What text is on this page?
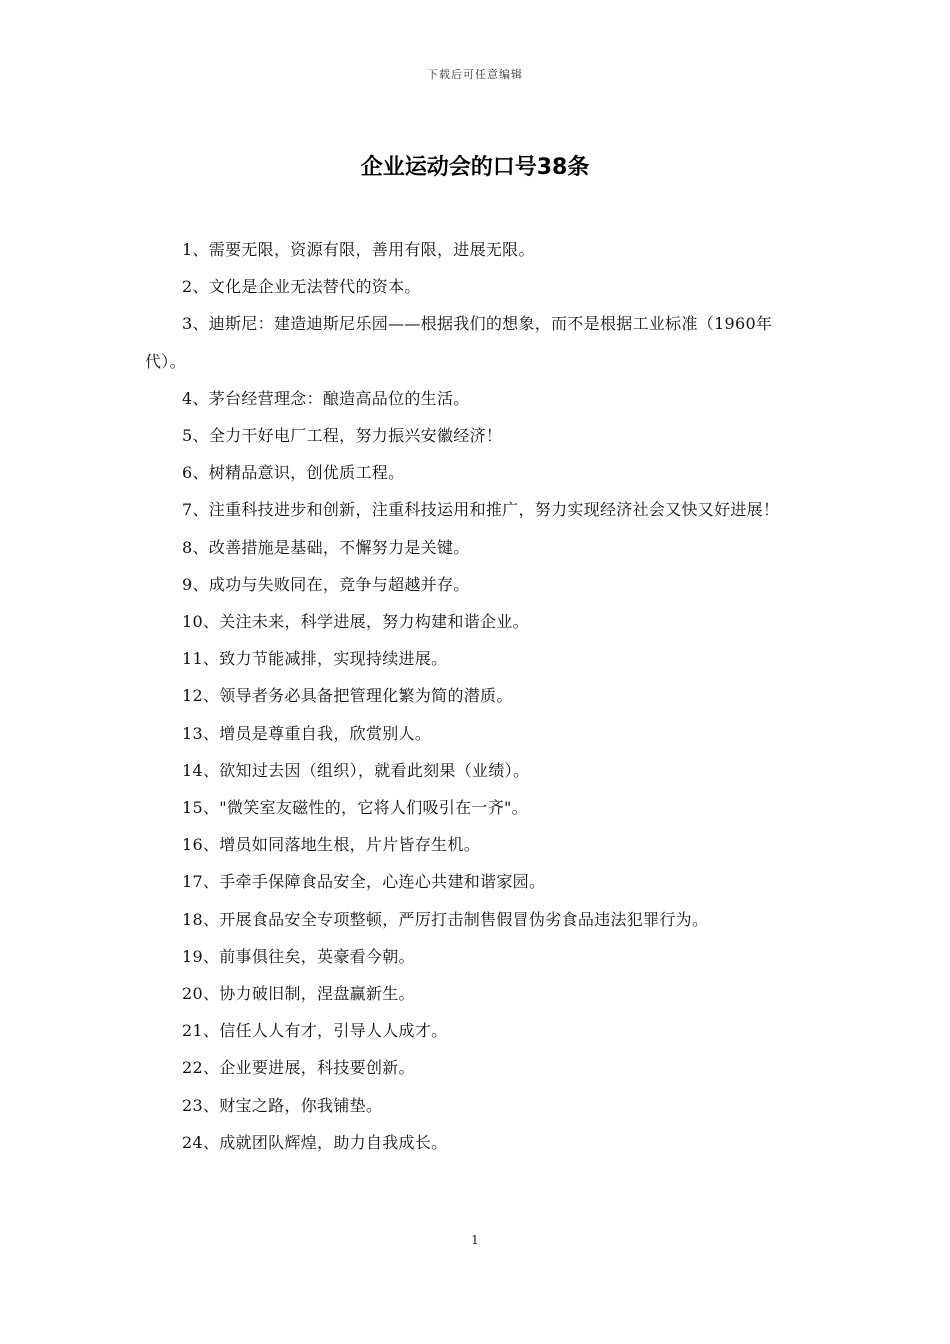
下载后可任意编辑
企业运动会的口号38条

1、需要无限，资源有限，善用有限，进展无限。

2、文化是企业无法替代的资本。

3、迪斯尼：建造迪斯尼乐园——根据我们的想象，而不是根据工业标准（1960年代）。

4、茅台经营理念：酿造高品位的生活。

5、全力干好电厂工程，努力振兴安徽经济！

6、树精品意识，创优质工程。

7、注重科技进步和创新，注重科技运用和推广，努力实现经济社会又快又好进展！

8、改善措施是基础，不懈努力是关键。

9、成功与失败同在，竞争与超越并存。

10、关注未来，科学进展，努力构建和谐企业。

11、致力节能减排，实现持续进展。

12、领导者务必具备把管理化繁为简的潜质。

13、增员是尊重自我，欣赏别人。

14、欲知过去因（组织），就看此刻果（业绩）。

15、"微笑室友磁性的，它将人们吸引在一齐"。

16、增员如同落地生根，片片皆存生机。

17、手牵手保障食品安全，心连心共建和谐家园。

18、开展食品安全专项整顿，严厉打击制售假冒伪劣食品违法犯罪行为。

19、前事俱往矣，英豪看今朝。

20、协力破旧制，涅盘赢新生。

21、信任人人有才，引导人人成才。

22、企业要进展，科技要创新。

23、财宝之路，你我铺垫。

24、成就团队辉煌，助力自我成长。

1
